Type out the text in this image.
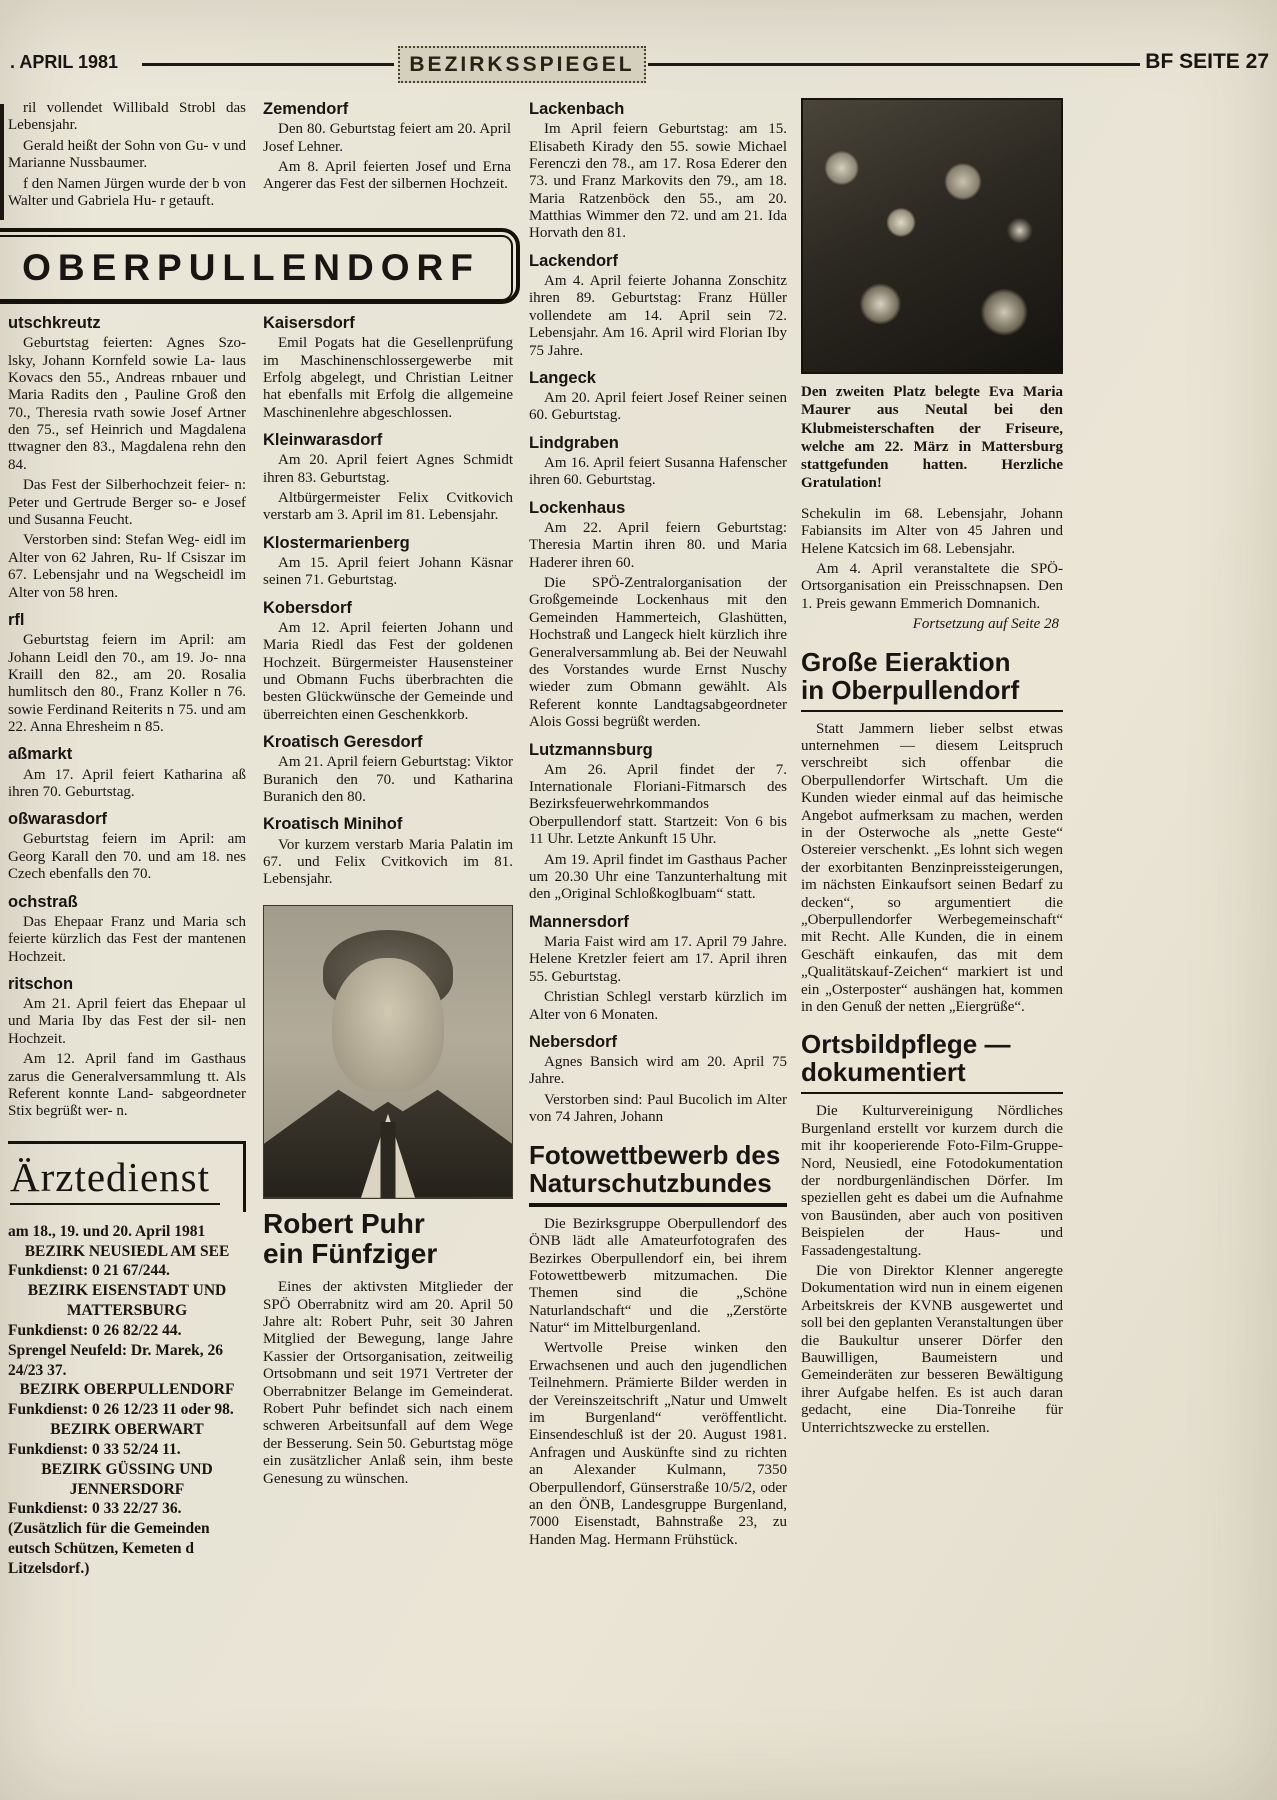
. APRIL 1981	BEZIRKSSPIEGEL	BF SEITE 27
OBERPULLENDORF

ril vollendet Willibald Strobl das Lebensjahr.

Gerald heißt der Sohn von Gu- v und Marianne Nussbaumer.

f den Namen Jürgen wurde der b von Walter und Gabriela Hu- r getauft.

Zemendorf

Den 80. Geburtstag feiert am 20. April Josef Lehner.

Am 8. April feierten Josef und Erna Angerer das Fest der silbernen Hochzeit.

utschkreutz

Geburtstag feierten: Agnes Szo- lsky, Johann Kornfeld sowie La- laus Kovacs den 55., Andreas rnbauer und Maria Radits den , Pauline Groß den 70., Theresia rvath sowie Josef Artner den 75., sef Heinrich und Magdalena ttwagner den 83., Magdalena rehn den 84.

Das Fest der Silberhochzeit feier- n: Peter und Gertrude Berger so- e Josef und Susanna Feucht.

Verstorben sind: Stefan Weg- eidl im Alter von 62 Jahren, Ru- lf Csiszar im 67. Lebensjahr und na Wegscheidl im Alter von 58 hren.

rfl

Geburtstag feiern im April: am Johann Leidl den 70., am 19. Jo- nna Kraill den 82., am 20. Rosalia humlitsch den 80., Franz Koller n 76. sowie Ferdinand Reiterits n 75. und am 22. Anna Ehresheim n 85.

aßmarkt

Am 17. April feiert Katharina aß ihren 70. Geburtstag.

oßwarasdorf

Geburtstag feiern im April: am Georg Karall den 70. und am 18. nes Czech ebenfalls den 70.

ochstraß

Das Ehepaar Franz und Maria sch feierte kürzlich das Fest der mantenen Hochzeit.

ritschon

Am 21. April feiert das Ehepaar ul und Maria Iby das Fest der sil- nen Hochzeit.

Am 12. April fand im Gasthaus zarus die Generalversammlung tt. Als Referent konnte Land- sabgeordneter Stix begrüßt wer- n.

Ärztedienst
am 18., 19. und 20. April 1981
BEZIRK NEUSIEDL AM SEE
Funkdienst: 0 21 67/244.
BEZIRK EISENSTADT UND MATTERSBURG
Funkdienst: 0 26 82/22 44.
Sprengel Neufeld: Dr. Marek, 26 24/23 37.
BEZIRK OBERPULLENDORF
Funkdienst: 0 26 12/23 11 oder 98.
BEZIRK OBERWART
Funkdienst: 0 33 52/24 11.
BEZIRK GÜSSING UND JENNERSDORF
Funkdienst: 0 33 22/27 36.
(Zusätzlich für die Gemeinden eutsch Schützen, Kemeten d Litzelsdorf.)
Kaisersdorf

Emil Pogats hat die Gesellenprüfung im Maschinenschlossergewerbe mit Erfolg abgelegt, und Christian Leitner hat ebenfalls mit Erfolg die allgemeine Maschinenlehre abgeschlossen.

Kleinwarasdorf

Am 20. April feiert Agnes Schmidt ihren 83. Geburtstag.

Altbürgermeister Felix Cvitkovich verstarb am 3. April im 81. Lebensjahr.

Klostermarienberg

Am 15. April feiert Johann Käsnar seinen 71. Geburtstag.

Kobersdorf

Am 12. April feierten Johann und Maria Riedl das Fest der goldenen Hochzeit. Bürgermeister Hausensteiner und Obmann Fuchs überbrachten die besten Glückwünsche der Gemeinde und überreichten einen Geschenkkorb.

Kroatisch Geresdorf

Am 21. April feiern Geburtstag: Viktor Buranich den 70. und Katharina Buranich den 80.

Kroatisch Minihof

Vor kurzem verstarb Maria Palatin im 67. und Felix Cvitkovich im 81. Lebensjahr.

Robert Puhr
ein Fünfziger

Eines der aktivsten Mitglieder der SPÖ Oberrabnitz wird am 20. April 50 Jahre alt: Robert Puhr, seit 30 Jahren Mitglied der Bewegung, lange Jahre Kassier der Ortsorganisation, zeitweilig Ortsobmann und seit 1971 Vertreter der Oberrabnitzer Belange im Gemeinderat. Robert Puhr befindet sich nach einem schweren Arbeitsunfall auf dem Wege der Besserung. Sein 50. Geburtstag möge ein zusätzlicher Anlaß sein, ihm beste Genesung zu wünschen.

Lackenbach

Im April feiern Geburtstag: am 15. Elisabeth Kirady den 55. sowie Michael Ferenczi den 78., am 17. Rosa Ederer den 73. und Franz Markovits den 79., am 18. Maria Ratzenböck den 55., am 20. Matthias Wimmer den 72. und am 21. Ida Horvath den 81.

Lackendorf

Am 4. April feierte Johanna Zonschitz ihren 89. Geburtstag: Franz Hüller vollendete am 14. April sein 72. Lebensjahr. Am 16. April wird Florian Iby 75 Jahre.

Langeck

Am 20. April feiert Josef Reiner seinen 60. Geburtstag.

Lindgraben

Am 16. April feiert Susanna Hafenscher ihren 60. Geburtstag.

Lockenhaus

Am 22. April feiern Geburtstag: Theresia Martin ihren 80. und Maria Haderer ihren 60.

Die SPÖ-Zentralorganisation der Großgemeinde Lockenhaus mit den Gemeinden Hammerteich, Glashütten, Hochstraß und Langeck hielt kürzlich ihre Generalversammlung ab. Bei der Neuwahl des Vorstandes wurde Ernst Nuschy wieder zum Obmann gewählt. Als Referent konnte Landtagsabgeordneter Alois Gossi begrüßt werden.

Lutzmannsburg

Am 26. April findet der 7. Internationale Floriani-Fitmarsch des Bezirksfeuerwehrkommandos Oberpullendorf statt. Startzeit: Von 6 bis 11 Uhr. Letzte Ankunft 15 Uhr.

Am 19. April findet im Gasthaus Pacher um 20.30 Uhr eine Tanzunterhaltung mit den „Original Schloßkoglbuam“ statt.

Mannersdorf

Maria Faist wird am 17. April 79 Jahre. Helene Kretzler feiert am 17. April ihren 55. Geburtstag.

Christian Schlegl verstarb kürzlich im Alter von 6 Monaten.

Nebersdorf

Agnes Bansich wird am 20. April 75 Jahre.

Verstorben sind: Paul Bucolich im Alter von 74 Jahren, Johann

Fotowettbewerb des
Naturschutzbundes

Die Bezirksgruppe Oberpullendorf des ÖNB lädt alle Amateurfotografen des Bezirkes Oberpullendorf ein, bei ihrem Fotowettbewerb mitzumachen. Die Themen sind die „Schöne Naturlandschaft“ und die „Zerstörte Natur“ im Mittelburgenland.

Wertvolle Preise winken den Erwachsenen und auch den jugendlichen Teilnehmern. Prämierte Bilder werden in der Vereinszeitschrift „Natur und Umwelt im Burgenland“ veröffentlicht. Einsendeschluß ist der 20. August 1981. Anfragen und Auskünfte sind zu richten an Alexander Kulmann, 7350 Oberpullendorf, Günserstraße 10/5/2, oder an den ÖNB, Landesgruppe Burgenland, 7000 Eisenstadt, Bahnstraße 23, zu Handen Mag. Hermann Frühstück.

Den zweiten Platz belegte Eva Maria Maurer aus Neutal bei den Klubmeisterschaften der Friseure, welche am 22. März in Mattersburg stattgefunden hatten. Herzliche Gratulation!

Schekulin im 68. Lebensjahr, Johann Fabiansits im Alter von 45 Jahren und Helene Katcsich im 68. Lebensjahr.

Am 4. April veranstaltete die SPÖ-Ortsorganisation ein Preisschnapsen. Den 1. Preis gewann Emmerich Domnanich.

Fortsetzung auf Seite 28
Große Eieraktion
in Oberpullendorf

Statt Jammern lieber selbst etwas unternehmen — diesem Leitspruch verschreibt sich offenbar die Oberpullendorfer Wirtschaft. Um die Kunden wieder einmal auf das heimische Angebot aufmerksam zu machen, werden in der Osterwoche als „nette Geste“ Ostereier verschenkt. „Es lohnt sich wegen der exorbitanten Benzinpreissteigerungen, im nächsten Einkaufsort seinen Bedarf zu decken“, so argumentiert die „Oberpullendorfer Werbegemeinschaft“ mit Recht. Alle Kunden, die in einem Geschäft einkaufen, das mit dem „Qualitätskauf-Zeichen“ markiert ist und ein „Osterposter“ aushängen hat, kommen in den Genuß der netten „Eiergrüße“.

Ortsbildpflege —
dokumentiert

Die Kulturvereinigung Nördliches Burgenland erstellt vor kurzem durch die mit ihr kooperierende Foto-Film-Gruppe-Nord, Neusiedl, eine Fotodokumentation der nordburgenländischen Dörfer. Im speziellen geht es dabei um die Aufnahme von Bausünden, aber auch von positiven Beispielen der Haus- und Fassadengestaltung.

Die von Direktor Klenner angeregte Dokumentation wird nun in einem eigenen Arbeitskreis der KVNB ausgewertet und soll bei den geplanten Veranstaltungen über die Baukultur unserer Dörfer den Bauwilligen, Baumeistern und Gemeinderäten zur besseren Bewältigung ihrer Aufgabe helfen. Es ist auch daran gedacht, eine Dia-Tonreihe für Unterrichtszwecke zu erstellen.
